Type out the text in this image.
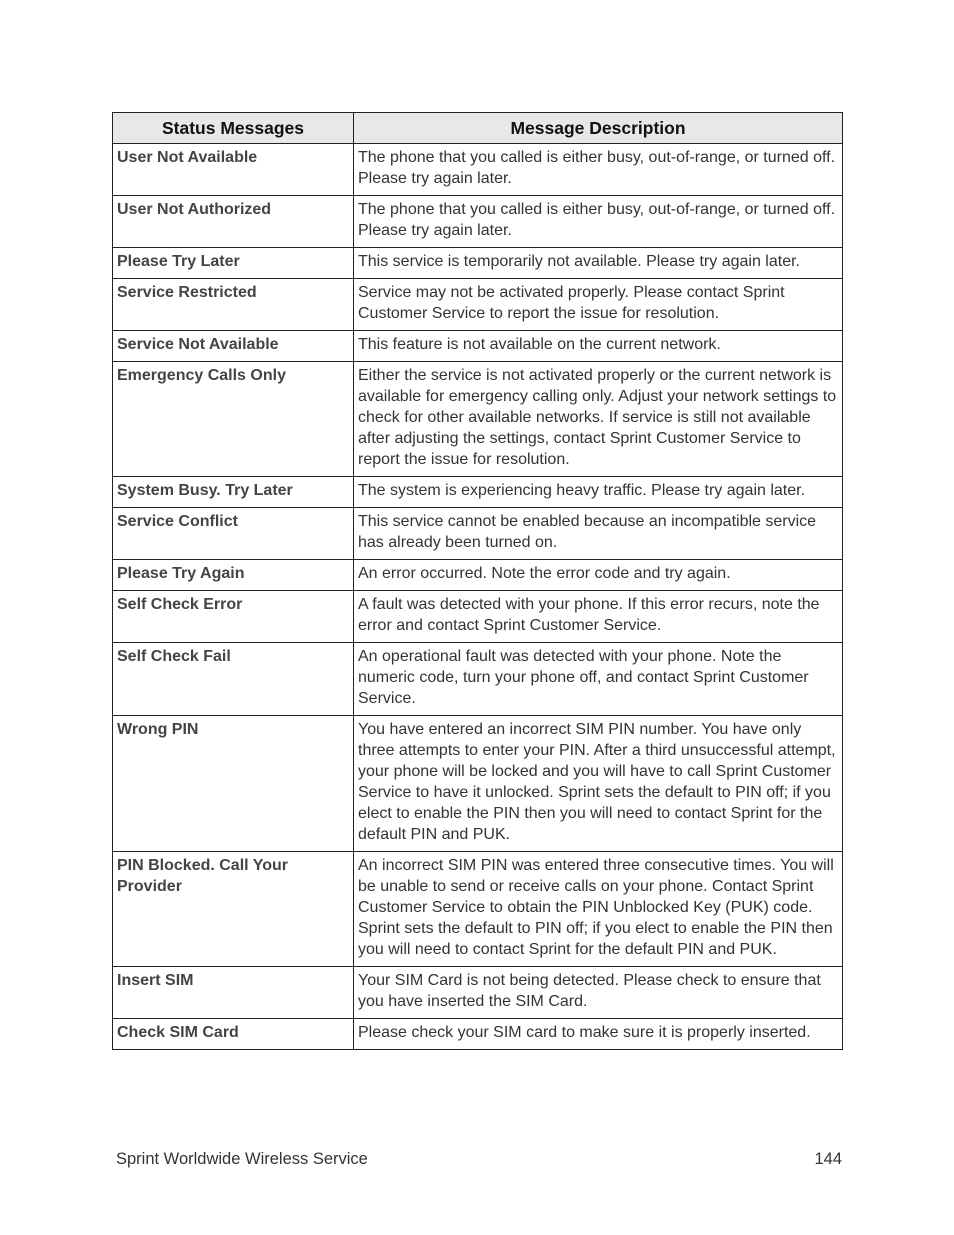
Status Messages	Message Description
User Not Available	The phone that you called is either busy, out-of-range, or turned off. Please try again later.
User Not Authorized	The phone that you called is either busy, out-of-range, or turned off. Please try again later.
Please Try Later	This service is temporarily not available. Please try again later.
Service Restricted	Service may not be activated properly. Please contact Sprint Customer Service to report the issue for resolution.
Service Not Available	This feature is not available on the current network.
Emergency Calls Only	Either the service is not activated properly or the current network is available for emergency calling only. Adjust your network settings to check for other available networks. If service is still not available after adjusting the settings, contact Sprint Customer Service to report the issue for resolution.
System Busy. Try Later	The system is experiencing heavy traffic. Please try again later.
Service Conflict	This service cannot be enabled because an incompatible service has already been turned on.
Please Try Again	An error occurred. Note the error code and try again.
Self Check Error	A fault was detected with your phone. If this error recurs, note the error and contact Sprint Customer Service.
Self Check Fail	An operational fault was detected with your phone. Note the numeric code, turn your phone off, and contact Sprint Customer Service.
Wrong PIN	You have entered an incorrect SIM PIN number. You have only three attempts to enter your PIN. After a third unsuccessful attempt, your phone will be locked and you will have to call Sprint Customer Service to have it unlocked. Sprint sets the default to PIN off; if you elect to enable the PIN then you will need to contact Sprint for the default PIN and PUK.
PIN Blocked. Call Your Provider	An incorrect SIM PIN was entered three consecutive times. You will be unable to send or receive calls on your phone. Contact Sprint Customer Service to obtain the PIN Unblocked Key (PUK) code. Sprint sets the default to PIN off; if you elect to enable the PIN then you will need to contact Sprint for the default PIN and PUK.
Insert SIM	Your SIM Card is not being detected. Please check to ensure that you have inserted the SIM Card.
Check SIM Card	Please check your SIM card to make sure it is properly inserted.
Sprint Worldwide Wireless Service	144
